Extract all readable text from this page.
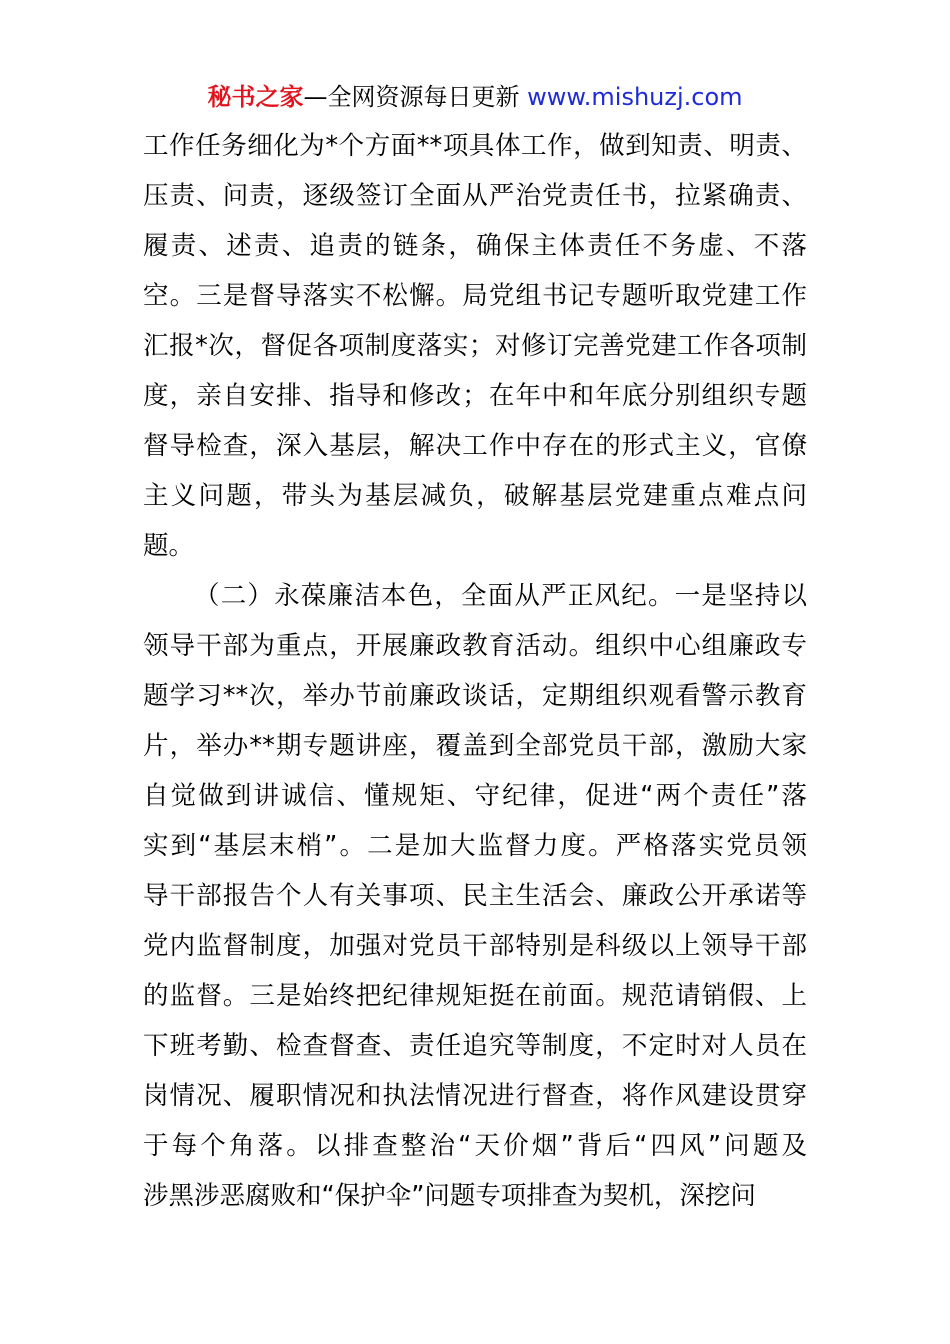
秘书之家—全网资源每日更新 www.mishuzj.com
工作任务细化为*个方面**项具体工作，做到知责、明责、
压责、问责，逐级签订全面从严治党责任书，拉紧确责、
履责、述责、追责的链条，确保主体责任不务虚、不落
空。三是督导落实不松懈。局党组书记专题听取党建工作
汇报*次，督促各项制度落实；对修订完善党建工作各项制
度，亲自安排、指导和修改；在年中和年底分别组织专题
督导检查，深入基层，解决工作中存在的形式主义，官僚
主义问题，带头为基层减负，破解基层党建重点难点问
题。
（二）永葆廉洁本色，全面从严正风纪。一是坚持以
领导干部为重点，开展廉政教育活动。组织中心组廉政专
题学习**次，举办节前廉政谈话，定期组织观看警示教育
片，举办**期专题讲座，覆盖到全部党员干部，激励大家
自觉做到讲诚信、懂规矩、守纪律，促进“两个责任”落
实到“基层末梢”。二是加大监督力度。严格落实党员领
导干部报告个人有关事项、民主生活会、廉政公开承诺等
党内监督制度，加强对党员干部特别是科级以上领导干部
的监督。三是始终把纪律规矩挺在前面。规范请销假、上
下班考勤、检查督查、责任追究等制度，不定时对人员在
岗情况、履职情况和执法情况进行督查，将作风建设贯穿
于每个角落。以排查整治“天价烟”背后“四风”问题及
涉黑涉恶腐败和“保护伞”问题专项排查为契机，深挖问
